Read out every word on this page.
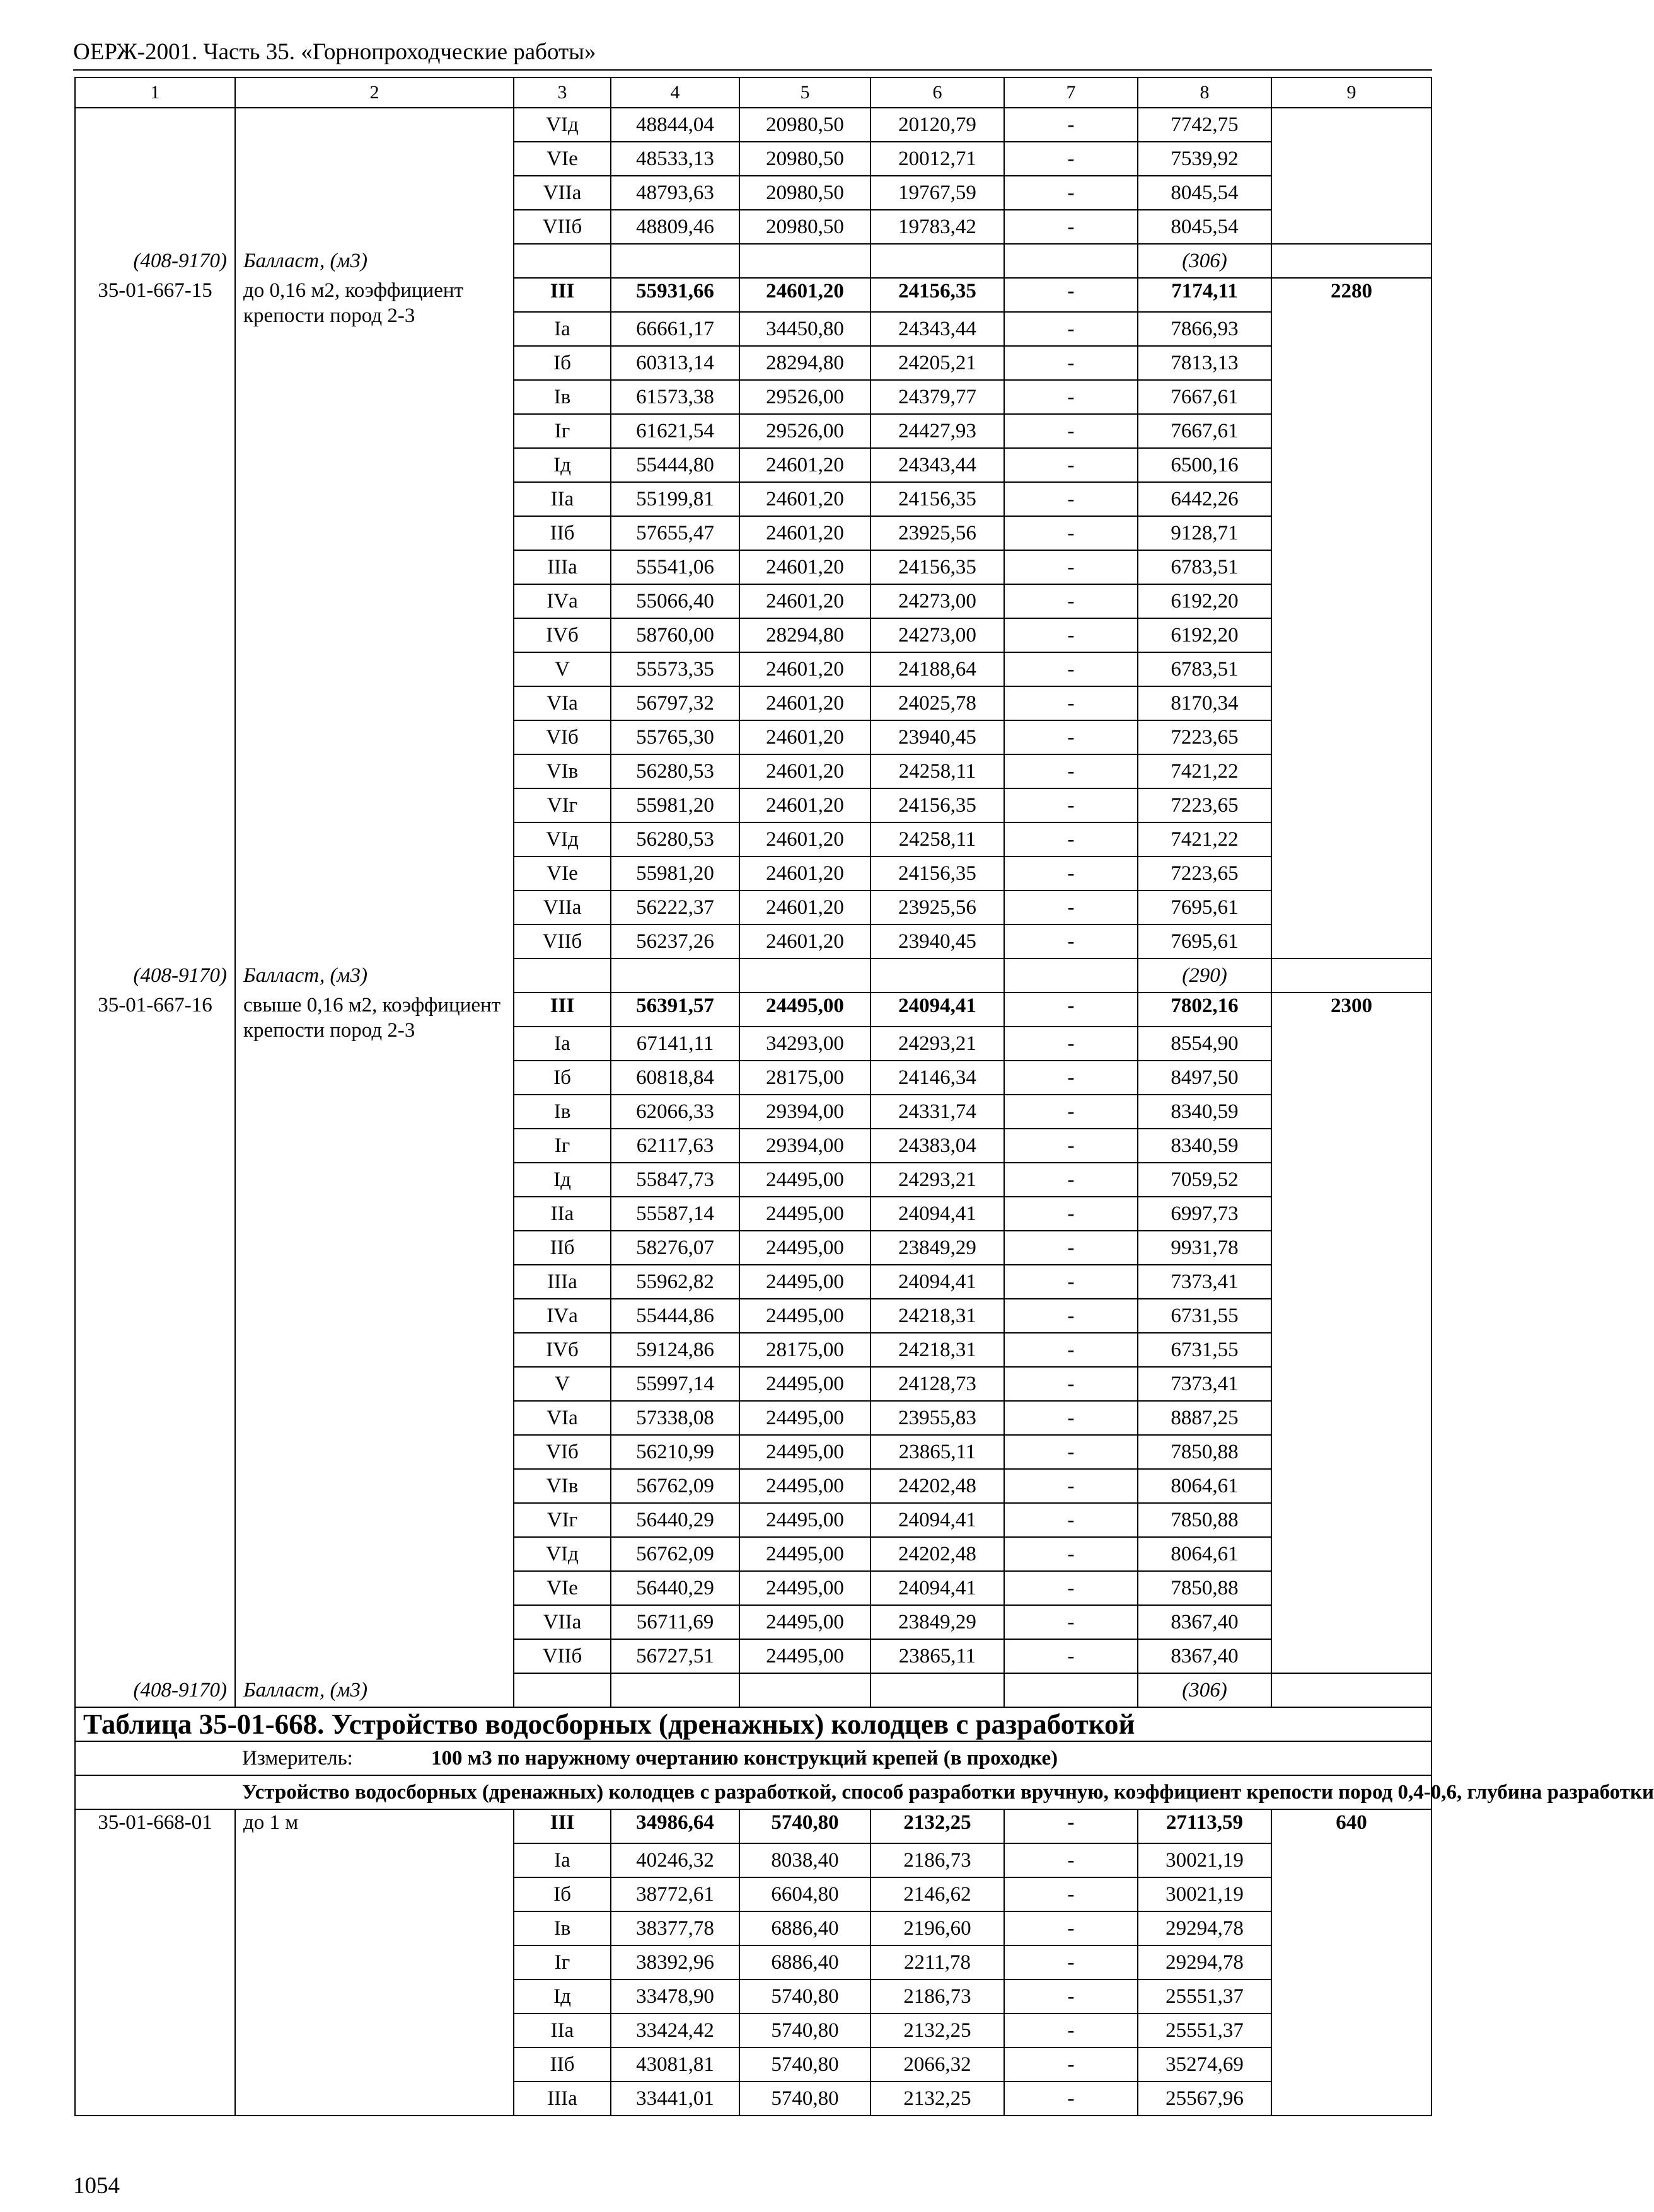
ОЕРЖ-2001. Часть 35. «Горнопроходческие работы»
1	2	3	4	5	6	7	8	9
		VIд	48844,04	20980,50	20120,79	-	7742,75	
		VIе	48533,13	20980,50	20012,71	-	7539,92	
		VIIа	48793,63	20980,50	19767,59	-	8045,54	
		VIIб	48809,46	20980,50	19783,42	-	8045,54	
(408-9170)	Балласт, (м3)						(306)	
35-01-667-15	до 0,16 м2, коэффициент крепости пород 2-3	III	55931,66	24601,20	24156,35	-	7174,11	2280
		Iа	66661,17	34450,80	24343,44	-	7866,93	
		Iб	60313,14	28294,80	24205,21	-	7813,13	
		Iв	61573,38	29526,00	24379,77	-	7667,61	
		Iг	61621,54	29526,00	24427,93	-	7667,61	
		Iд	55444,80	24601,20	24343,44	-	6500,16	
		IIа	55199,81	24601,20	24156,35	-	6442,26	
		IIб	57655,47	24601,20	23925,56	-	9128,71	
		IIIа	55541,06	24601,20	24156,35	-	6783,51	
		IVа	55066,40	24601,20	24273,00	-	6192,20	
		IVб	58760,00	28294,80	24273,00	-	6192,20	
		V	55573,35	24601,20	24188,64	-	6783,51	
		VIа	56797,32	24601,20	24025,78	-	8170,34	
		VIб	55765,30	24601,20	23940,45	-	7223,65	
		VIв	56280,53	24601,20	24258,11	-	7421,22	
		VIг	55981,20	24601,20	24156,35	-	7223,65	
		VIд	56280,53	24601,20	24258,11	-	7421,22	
		VIе	55981,20	24601,20	24156,35	-	7223,65	
		VIIа	56222,37	24601,20	23925,56	-	7695,61	
		VIIб	56237,26	24601,20	23940,45	-	7695,61	
(408-9170)	Балласт, (м3)						(290)	
35-01-667-16	свыше 0,16 м2, коэффициент крепости пород 2-3	III	56391,57	24495,00	24094,41	-	7802,16	2300
		Iа	67141,11	34293,00	24293,21	-	8554,90	
		Iб	60818,84	28175,00	24146,34	-	8497,50	
		Iв	62066,33	29394,00	24331,74	-	8340,59	
		Iг	62117,63	29394,00	24383,04	-	8340,59	
		Iд	55847,73	24495,00	24293,21	-	7059,52	
		IIа	55587,14	24495,00	24094,41	-	6997,73	
		IIб	58276,07	24495,00	23849,29	-	9931,78	
		IIIа	55962,82	24495,00	24094,41	-	7373,41	
		IVа	55444,86	24495,00	24218,31	-	6731,55	
		IVб	59124,86	28175,00	24218,31	-	6731,55	
		V	55997,14	24495,00	24128,73	-	7373,41	
		VIа	57338,08	24495,00	23955,83	-	8887,25	
		VIб	56210,99	24495,00	23865,11	-	7850,88	
		VIв	56762,09	24495,00	24202,48	-	8064,61	
		VIг	56440,29	24495,00	24094,41	-	7850,88	
		VIд	56762,09	24495,00	24202,48	-	8064,61	
		VIе	56440,29	24495,00	24094,41	-	7850,88	
		VIIа	56711,69	24495,00	23849,29	-	8367,40	
		VIIб	56727,51	24495,00	23865,11	-	8367,40	
(408-9170)	Балласт, (м3)						(306)	
Таблица 35-01-668. Устройство водосборных (дренажных) колодцев с разработкой								
Измеритель: 100 м3 по наружному очертанию конструкций крепей (в проходке)								

Устройство водосборных (дренажных) колодцев с разработкой, способ разработки вручную, коэффициент крепости пород 0,4-0,6, глубина разработки								

35-01-668-01	до 1 м	III	34986,64	5740,80	2132,25	-	27113,59	640
		Iа	40246,32	8038,40	2186,73	-	30021,19	
		Iб	38772,61	6604,80	2146,62	-	30021,19	
		Iв	38377,78	6886,40	2196,60	-	29294,78	
		Iг	38392,96	6886,40	2211,78	-	29294,78	
		Iд	33478,90	5740,80	2186,73	-	25551,37	
		IIа	33424,42	5740,80	2132,25	-	25551,37	
		IIб	43081,81	5740,80	2066,32	-	35274,69	
		IIIа	33441,01	5740,80	2132,25	-	25567,96	
1054
